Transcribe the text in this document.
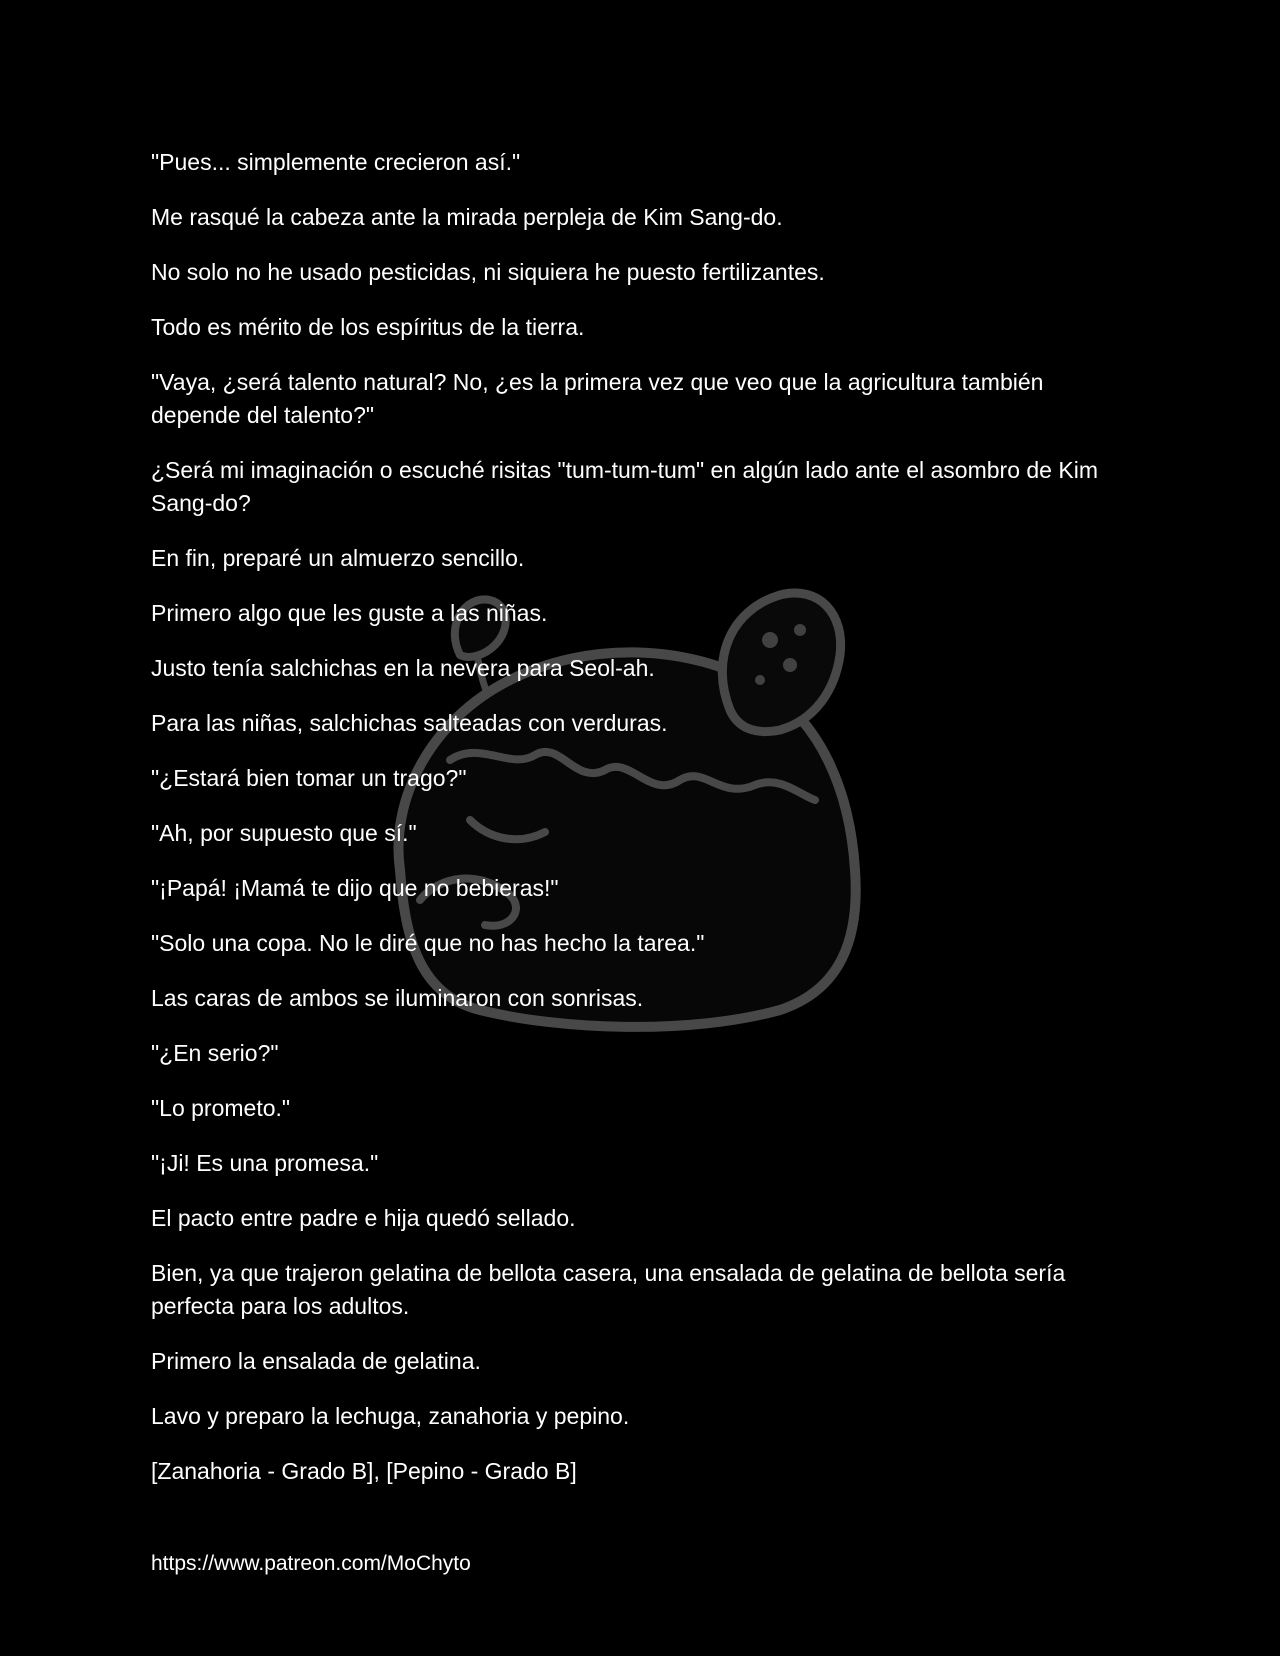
"Pues... simplemente crecieron así."

Me rasqué la cabeza ante la mirada perpleja de Kim Sang-do.

No solo no he usado pesticidas, ni siquiera he puesto fertilizantes.

Todo es mérito de los espíritus de la tierra.

"Vaya, ¿será talento natural? No, ¿es la primera vez que veo que la agricultura también depende del talento?"

¿Será mi imaginación o escuché risitas "tum-tum-tum" en algún lado ante el asombro de Kim Sang-do?

En fin, preparé un almuerzo sencillo.

Primero algo que les guste a las niñas.

Justo tenía salchichas en la nevera para Seol-ah.

Para las niñas, salchichas salteadas con verduras.

"¿Estará bien tomar un trago?"

"Ah, por supuesto que sí."

"¡Papá! ¡Mamá te dijo que no bebieras!"

"Solo una copa. No le diré que no has hecho la tarea."

Las caras de ambos se iluminaron con sonrisas.

"¿En serio?"

"Lo prometo."

"¡Ji! Es una promesa."

El pacto entre padre e hija quedó sellado.

Bien, ya que trajeron gelatina de bellota casera, una ensalada de gelatina de bellota sería perfecta para los adultos.

Primero la ensalada de gelatina.

Lavo y preparo la lechuga, zanahoria y pepino.

[Zanahoria - Grado B], [Pepino - Grado B]

https://www.patreon.com/MoChyto
